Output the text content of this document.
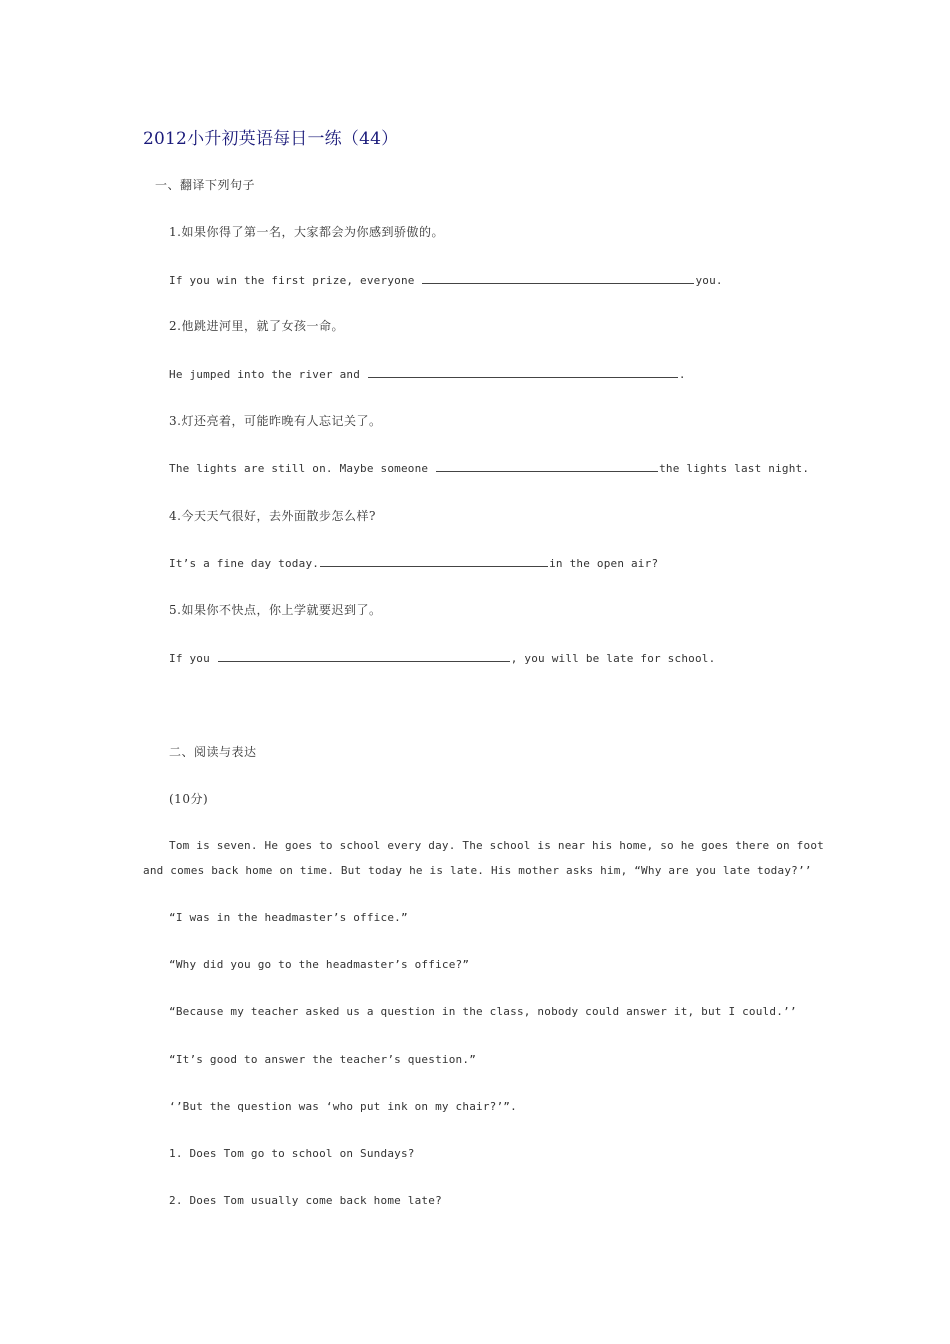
2012小升初英语每日一练（44）
一、翻译下列句子
1.如果你得了第一名，大家都会为你感到骄傲的。
If you win the first prize, everyone	you.
2.他跳进河里，就了女孩一命。
He jumped into the river and	.
3.灯还亮着，可能昨晚有人忘记关了。
The lights are still on. Maybe someone	the lights last night.
4.今天天气很好，去外面散步怎么样?
It’s a fine day today.	in the open air?
5.如果你不快点，你上学就要迟到了。
If you	, you will be late for school.
二、阅读与表达
(10分)
Tom is seven. He goes to school every day. The school is near his home, so he goes there on foot
and comes back home on time. But today he is late. His mother asks him, “Why are you late today?’’
“I was in the headmaster’s office.”
“Why did you go to the headmaster’s office?”
“Because my teacher asked us a question in the class, nobody could answer it, but I could.’’
“It’s good to answer the teacher’s question.”
‘’But the question was ‘who put ink on my chair?’”.
1. Does Tom go to school on Sundays?
2. Does Tom usually come back home late?
